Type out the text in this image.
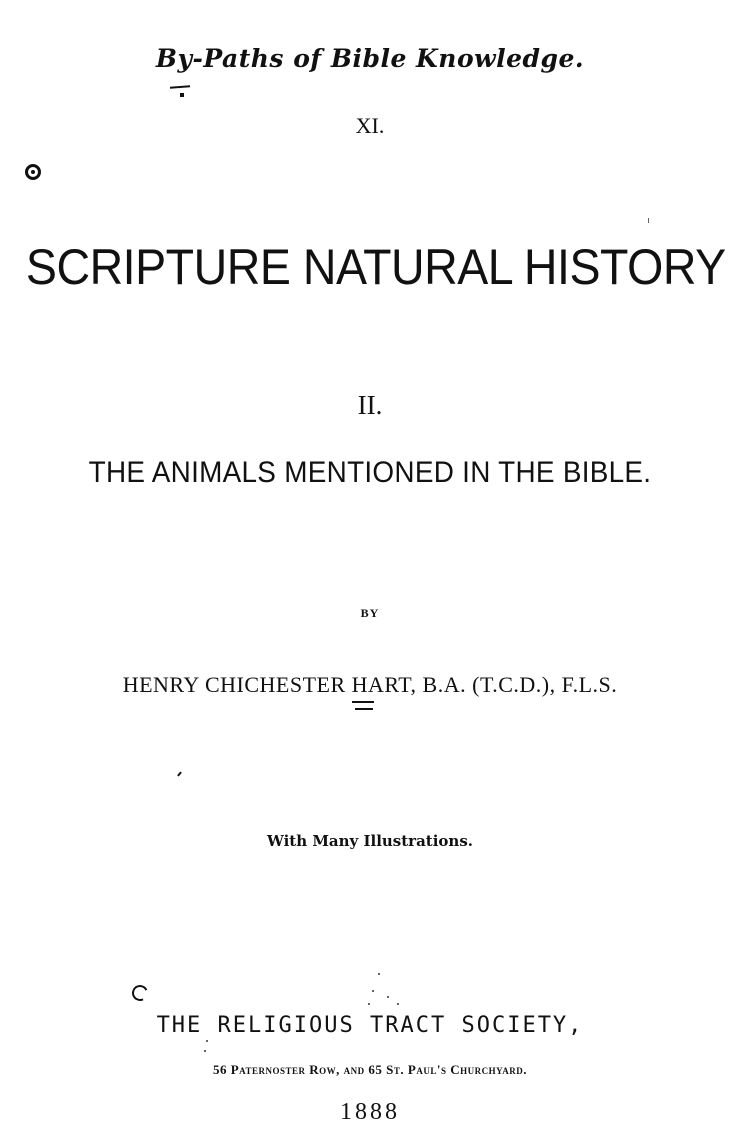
By-Paths of Bible Knowledge.
XI.
SCRIPTURE NATURAL HISTORY
II.
THE ANIMALS MENTIONED IN THE BIBLE.
BY
HENRY CHICHESTER HART, B.A. (T.C.D.), F.L.S.
With Many Illustrations.
THE RELIGIOUS TRACT SOCIETY,
56 Paternoster Row, and 65 St. Paul's Churchyard.
1888
